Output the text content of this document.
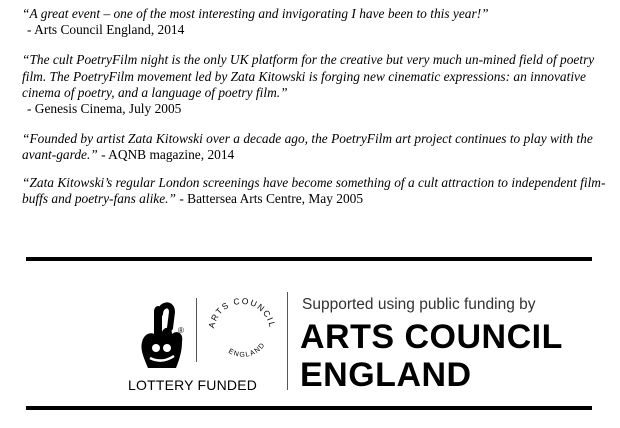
“A great event – one of the most interesting and invigorating I have been to this year!”
- Arts Council England, 2014

“The cult PoetryFilm night is the only UK platform for the creative but very much un-mined field of poetry film. The PoetryFilm movement led by Zata Kitowski is forging new cinematic expressions: an innovative cinema of poetry, and a language of poetry film.”
- Genesis Cinema, July 2005

“Founded by artist Zata Kitowski over a decade ago, the PoetryFilm art project continues to play with the avant-garde.” - AQNB magazine, 2014

“Zata Kitowski’s regular London screenings have become something of a cult attraction to independent film-buffs and poetry-fans alike.” - Battersea Arts Centre, May 2005

®
LOTTERY FUNDED
ARTS COUNCIL
ENGLAND
Supported using public funding by
ARTS COUNCIL
ENGLAND
